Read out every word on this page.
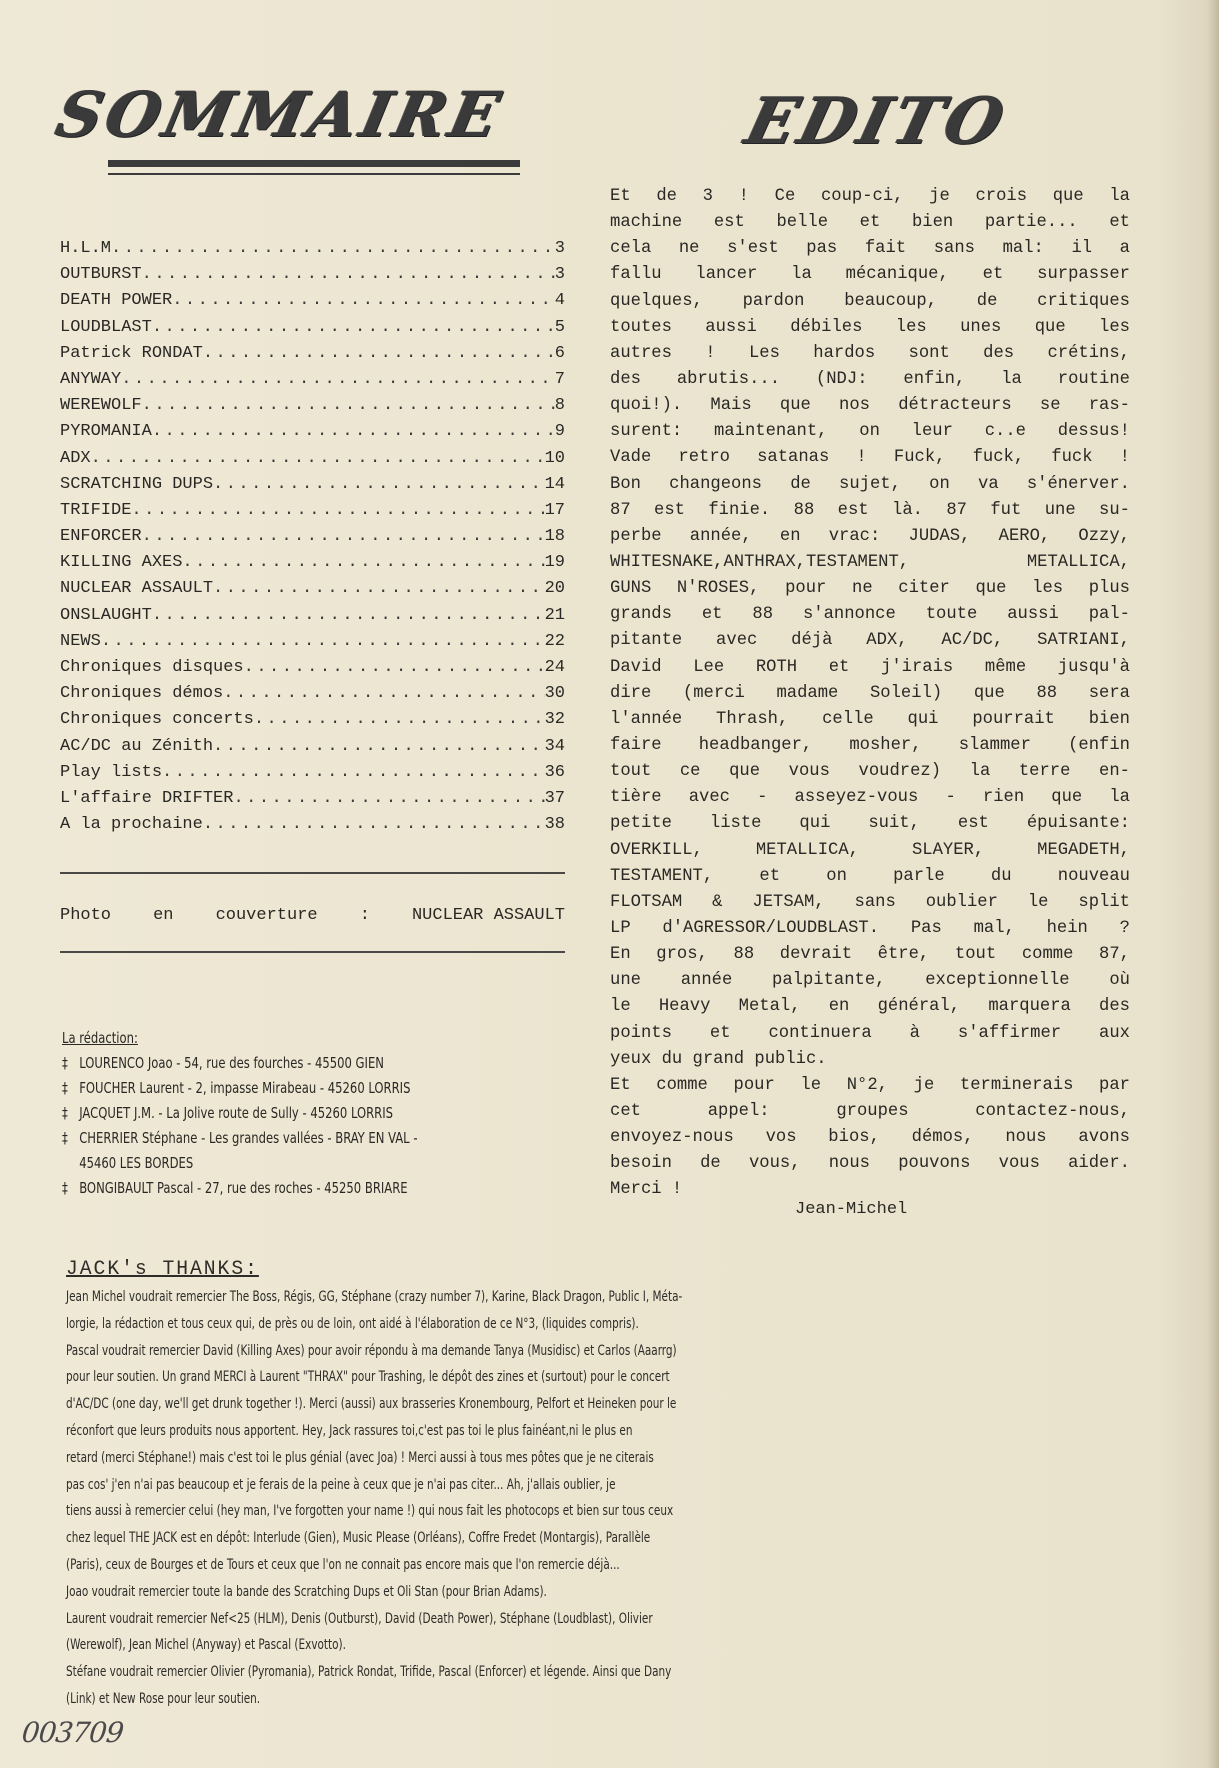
SOMMAIRE	EDITO
H.L.M .....	3
OUTBURST .....	3
DEATH POWER .....	4
LOUDBLAST .....	5
Patrick RONDAT .....	6
ANYWAY .....	7
WEREWOLF .....	8
PYROMANIA .....	9
ADX .....	10
SCRATCHING DUPS .....	14
TRIFIDE .....	17
ENFORCER .....	18
KILLING AXES .....	19
NUCLEAR ASSAULT .....	20
ONSLAUGHT .....	21
NEWS .....	22
Chroniques disques .....	24
Chroniques démos .....	30
Chroniques concerts .....	32
AC/DC au Zénith .....	34
Play lists .....	36
L'affaire DRIFTER .....	37
A la prochaine .....	38
Photo en couverture : NUCLEAR ASSAULT
La rédaction:
‡ LOURENCO Joao - 54, rue des fourches - 45500 GIEN
‡ FOUCHER Laurent - 2, impasse Mirabeau - 45260 LORRIS
‡ JACQUET J.M. - La Jolive route de Sully - 45260 LORRIS
‡ CHERRIER Stéphane - Les grandes vallées - BRAY EN VAL -
45460 LES BORDES
‡ BONGIBAULT Pascal - 27, rue des roches - 45250 BRIARE
Et de 3 ! Ce coup-ci, je crois que la
machine est belle et bien partie... et
cela ne s'est pas fait sans mal: il a
fallu lancer la mécanique, et surpasser
quelques, pardon beaucoup, de critiques
toutes aussi débiles les unes que les
autres ! Les hardos sont des crétins,
des abrutis... (NDJ: enfin, la routine
quoi!). Mais que nos détracteurs se ras-
surent: maintenant, on leur c..e dessus!
Vade retro satanas ! Fuck, fuck, fuck !
Bon changeons de sujet, on va s'énerver.
87 est finie. 88 est là. 87 fut une su-
perbe année, en vrac: JUDAS, AERO, Ozzy,
WHITESNAKE,ANTHRAX,TESTAMENT, METALLICA,
GUNS N'ROSES, pour ne citer que les plus
grands et 88 s'annonce toute aussi pal-
pitante avec déjà ADX, AC/DC, SATRIANI,
David Lee ROTH et j'irais même jusqu'à
dire (merci madame Soleil) que 88 sera
l'année Thrash, celle qui pourrait bien
faire headbanger, mosher, slammer (enfin
tout ce que vous voudrez) la terre en-
tière avec - asseyez-vous - rien que la
petite liste qui suit, est épuisante:
OVERKILL, METALLICA, SLAYER, MEGADETH,
TESTAMENT, et on parle du nouveau
FLOTSAM & JETSAM, sans oublier le split
LP d'AGRESSOR/LOUDBLAST. Pas mal, hein ?
En gros, 88 devrait être, tout comme 87,
une année palpitante, exceptionnelle où
le Heavy Metal, en général, marquera des
points et continuera à s'affirmer aux
yeux du grand public.
Et comme pour le N°2, je terminerais par
cet appel: groupes contactez-nous,
envoyez-nous vos bios, démos, nous avons
besoin de vous, nous pouvons vous aider.
Merci !
Jean-Michel
JACK's THANKS:
Jean Michel voudrait remercier The Boss, Régis, GG, Stéphane (crazy number 7), Karine, Black Dragon, Public I, Méta-
lorgie, la rédaction et tous ceux qui, de près ou de loin, ont aidé à l'élaboration de ce N°3, (liquides compris).
Pascal voudrait remercier David (Killing Axes) pour avoir répondu à ma demande Tanya (Musidisc) et Carlos (Aaarrg)
pour leur soutien. Un grand MERCI à Laurent "THRAX" pour Trashing, le dépôt des zines et (surtout) pour le concert
d'AC/DC (one day, we'll get drunk together !). Merci (aussi) aux brasseries Kronembourg, Pelfort et Heineken pour le
réconfort que leurs produits nous apportent. Hey, Jack rassures toi,c'est pas toi le plus fainéant,ni le plus en
retard (merci Stéphane!) mais c'est toi le plus génial (avec Joa) ! Merci aussi à tous mes pôtes que je ne citerais
pas cos' j'en n'ai pas beaucoup et je ferais de la peine à ceux que je n'ai pas citer... Ah, j'allais oublier, je
tiens aussi à remercier celui (hey man, I've forgotten your name !) qui nous fait les photocops et bien sur tous ceux
chez lequel THE JACK est en dépôt: Interlude (Gien), Music Please (Orléans), Coffre Fredet (Montargis), Parallèle
(Paris), ceux de Bourges et de Tours et ceux que l'on ne connait pas encore mais que l'on remercie déjà...
Joao voudrait remercier toute la bande des Scratching Dups et Oli Stan (pour Brian Adams).
Laurent voudrait remercier Nef<25 (HLM), Denis (Outburst), David (Death Power), Stéphane (Loudblast), Olivier
(Werewolf), Jean Michel (Anyway) et Pascal (Exvotto).
Stéfane voudrait remercier Olivier (Pyromania), Patrick Rondat, Trifide, Pascal (Enforcer) et légende. Ainsi que Dany
(Link) et New Rose pour leur soutien.
003709
